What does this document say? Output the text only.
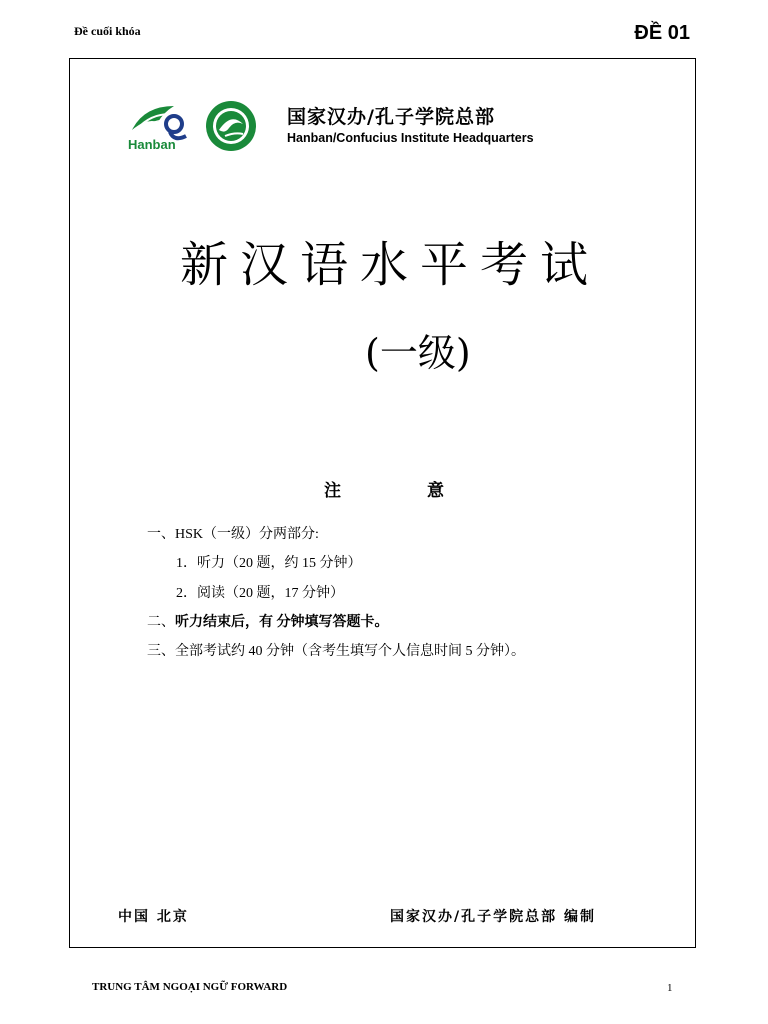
Đề cuối khóa	ĐỀ 01
Hanban
国家汉办/孔子学院总部
Hanban/Confucius Institute Headquarters
新汉语水平考试
(一级)
注 意
一、HSK（一级）分两部分:
1．听力（20 题，约 15 分钟）
2．阅读（20 题，17 分钟）
二、听力结束后，有 分钟填写答题卡。
三、全部考试约 40 分钟（含考生填写个人信息时间 5 分钟）。
中国 北京	国家汉办/孔子学院总部 编制
TRUNG TÂM NGOẠI NGỮ FORWARD	1
